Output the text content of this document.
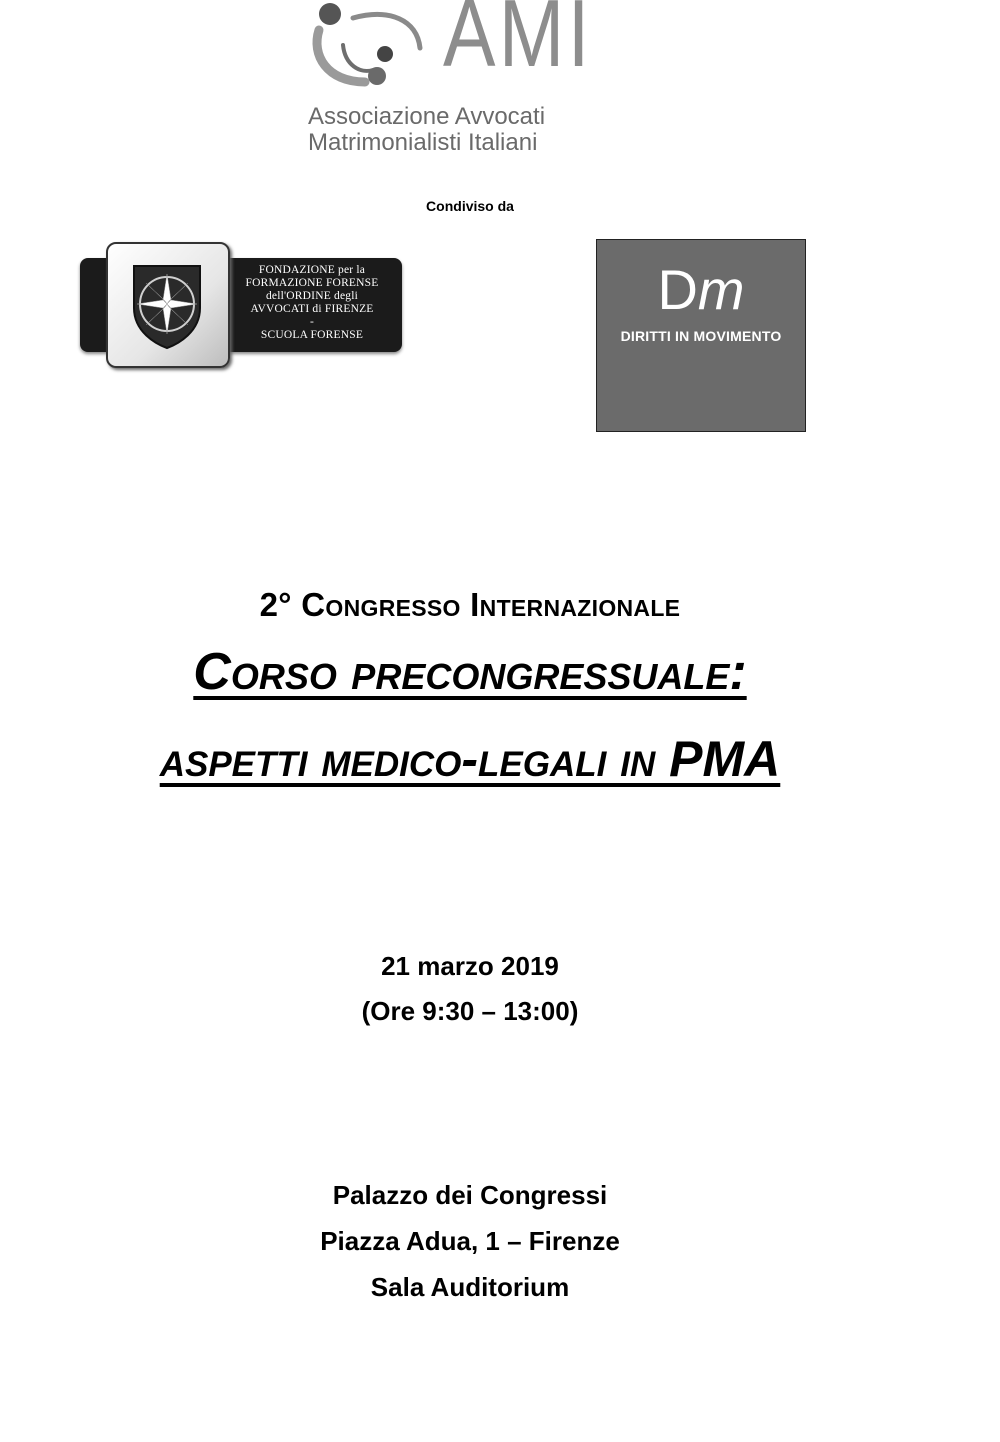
AMI
Associazione Avvocati
Matrimonialisti Italiani
Condiviso da
FONDAZIONE per la
FORMAZIONE FORENSE
dell'ORDINE degli
AVVOCATI di FIRENZE
-

SCUOLA FORENSE
Dm
DIRITTI IN MOVIMENTO
2° Congresso Internazionale
Corso precongressuale:
aspetti medico-legali in PMA
21 marzo 2019
(Ore 9:30 – 13:00)
Palazzo dei Congressi
Piazza Adua, 1 – Firenze
Sala Auditorium
